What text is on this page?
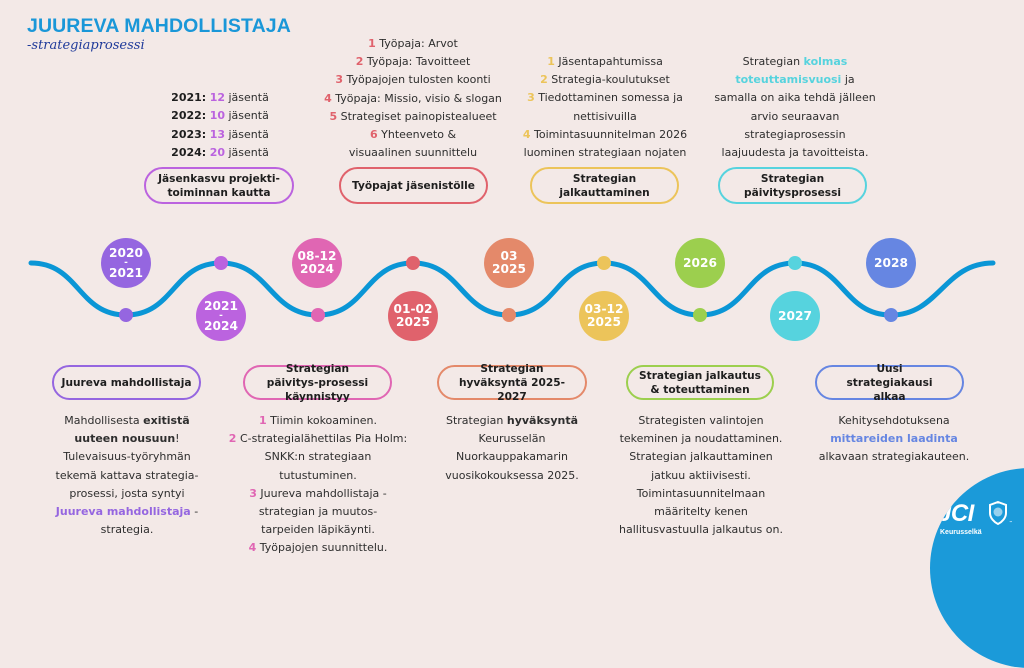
JUUREVA MAHDOLLISTAJA
-strategiaprosessi
2021: 12 jäsentä
2022: 10 jäsentä
2023: 13 jäsentä
2024: 20 jäsentä
Jäsenkasvu projekti-toiminnan kautta
1 Työpaja: Arvot
2 Työpaja: Tavoitteet
3 Työpajojen tulosten koonti
4 Työpaja: Missio, visio & slogan
5 Strategiset painopistealueet
6 Yhteenveto & visuaalinen suunnittelu
Työpajat jäsenistölle
1 Jäsentapahtumissa
2 Strategia-koulutukset
3 Tiedottaminen somessa ja nettisivuilla
4 Toimintasuunnitelman 2026 luominen strategiaan nojaten
Strategian jalkauttaminen
Strategian kolmas toteuttamisvuosi ja samalla on aika tehdä jälleen arvio seuraavan strategiaprosessin laajuudesta ja tavoitteista.
Strategian päivitysprosessi
2020
-
2021
2021
-
2024
08-12
2024
01-02
2025
03
2025
03-12
2025
2026
2027
2028
Juureva mahdollistaja
Strategian päivitys-prosessi käynnistyy
Strategian hyväksyntä 2025-2027
Strategian jalkautus & toteuttaminen
Uusi strategiakausi alkaa
Mahdollisesta exitistä uuteen nousuun! Tulevaisuus-työryhmän tekemä kattava strategia-prosessi, josta syntyi Juureva mahdollistaja -strategia.
1 Tiimin kokoaminen.
2 C-strategialähettilas Pia Holm: SNKK:n strategiaan tutustuminen.
3 Juureva mahdollistaja -strategian ja muutos-tarpeiden läpikäynti.
4 Työpajojen suunnittelu.
Strategian hyväksyntä Keurusselän Nuorkauppakamarin vuosikokouksessa 2025.
Strategisten valintojen tekeminen ja noudattaminen. Strategian jalkauttaminen jatkuu aktiivisesti. Toimintasuunnitelmaan määritelty kenen hallitusvastuulla jalkautus on.
Kehitysehdotuksena mittareiden laadinta alkavaan strategiakauteen.
JCI	™
Keurusselkä
